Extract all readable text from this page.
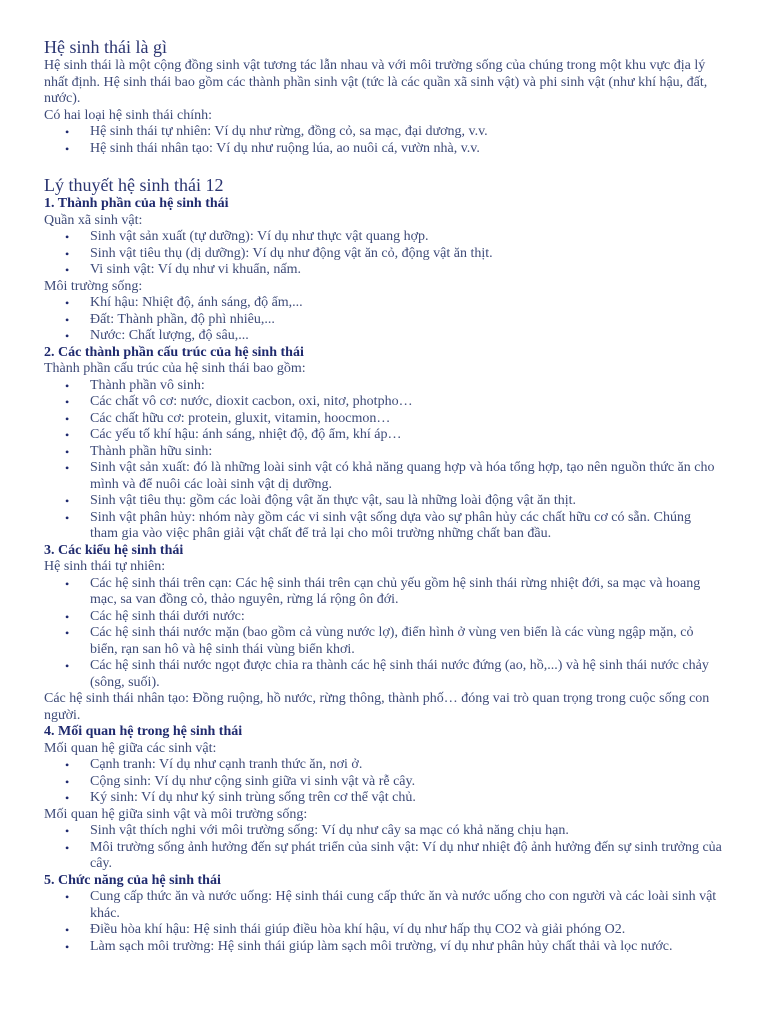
Hệ sinh thái là gì

Hệ sinh thái là một cộng đồng sinh vật tương tác lẫn nhau và với môi trường sống của chúng trong một khu vực địa lý nhất định. Hệ sinh thái bao gồm các thành phần sinh vật (tức là các quần xã sinh vật) và phi sinh vật (như khí hậu, đất, nước).

Có hai loại hệ sinh thái chính:

• Hệ sinh thái tự nhiên: Ví dụ như rừng, đồng cỏ, sa mạc, đại dương, v.v.
• Hệ sinh thái nhân tạo: Ví dụ như ruộng lúa, ao nuôi cá, vườn nhà, v.v.
Lý thuyết hệ sinh thái 12
1. Thành phần của hệ sinh thái

Quần xã sinh vật:

• Sinh vật sản xuất (tự dưỡng): Ví dụ như thực vật quang hợp.
• Sinh vật tiêu thụ (dị dưỡng): Ví dụ như động vật ăn cỏ, động vật ăn thịt.
• Vi sinh vật: Ví dụ như vi khuẩn, nấm.

Môi trường sống:

• Khí hậu: Nhiệt độ, ánh sáng, độ ẩm,...
• Đất: Thành phần, độ phì nhiêu,...
• Nước: Chất lượng, độ sâu,...
2. Các thành phần cấu trúc của hệ sinh thái

Thành phần cấu trúc của hệ sinh thái bao gồm:

• Thành phần vô sinh:
• Các chất vô cơ: nước, dioxit cacbon, oxi, nitơ, photpho…
• Các chất hữu cơ: protein, gluxit, vitamin, hoocmon…
• Các yếu tố khí hậu: ánh sáng, nhiệt độ, độ ẩm, khí áp…
• Thành phần hữu sinh:
• Sinh vật sản xuất: đó là những loài sinh vật có khả năng quang hợp và hóa tổng hợp, tạo nên nguồn thức ăn cho mình và để nuôi các loài sinh vật dị dưỡng.
• Sinh vật tiêu thụ: gồm các loài động vật ăn thực vật, sau là những loài động vật ăn thịt.
• Sinh vật phân hủy: nhóm này gồm các vi sinh vật sống dựa vào sự phân hủy các chất hữu cơ có sẵn. Chúng tham gia vào việc phân giải vật chất để trả lại cho môi trường những chất ban đầu.
3. Các kiểu hệ sinh thái

Hệ sinh thái tự nhiên:

• Các hệ sinh thái trên cạn: Các hệ sinh thái trên cạn chủ yếu gồm hệ sinh thái rừng nhiệt đới, sa mạc và hoang mạc, sa van đồng cỏ, thảo nguyên, rừng lá rộng ôn đới.
• Các hệ sinh thái dưới nước:
• Các hệ sinh thái nước mặn (bao gồm cả vùng nước lợ), điển hình ở vùng ven biển là các vùng ngập mặn, cỏ biển, rạn san hô và hệ sinh thái vùng biển khơi.
• Các hệ sinh thái nước ngọt được chia ra thành các hệ sinh thái nước đứng (ao, hồ,...) và hệ sinh thái nước chảy (sông, suối).

Các hệ sinh thái nhân tạo: Đồng ruộng, hồ nước, rừng thông, thành phố… đóng vai trò quan trọng trong cuộc sống con người.

4. Mối quan hệ trong hệ sinh thái

Mối quan hệ giữa các sinh vật:

• Cạnh tranh: Ví dụ như cạnh tranh thức ăn, nơi ở.
• Cộng sinh: Ví dụ như cộng sinh giữa vi sinh vật và rễ cây.
• Ký sinh: Ví dụ như ký sinh trùng sống trên cơ thể vật chủ.

Mối quan hệ giữa sinh vật và môi trường sống:

• Sinh vật thích nghi với môi trường sống: Ví dụ như cây sa mạc có khả năng chịu hạn.
• Môi trường sống ảnh hưởng đến sự phát triển của sinh vật: Ví dụ như nhiệt độ ảnh hưởng đến sự sinh trưởng của cây.
5. Chức năng của hệ sinh thái
• Cung cấp thức ăn và nước uống: Hệ sinh thái cung cấp thức ăn và nước uống cho con người và các loài sinh vật khác.
• Điều hòa khí hậu: Hệ sinh thái giúp điều hòa khí hậu, ví dụ như hấp thụ CO2 và giải phóng O2.
• Làm sạch môi trường: Hệ sinh thái giúp làm sạch môi trường, ví dụ như phân hủy chất thải và lọc nước.
